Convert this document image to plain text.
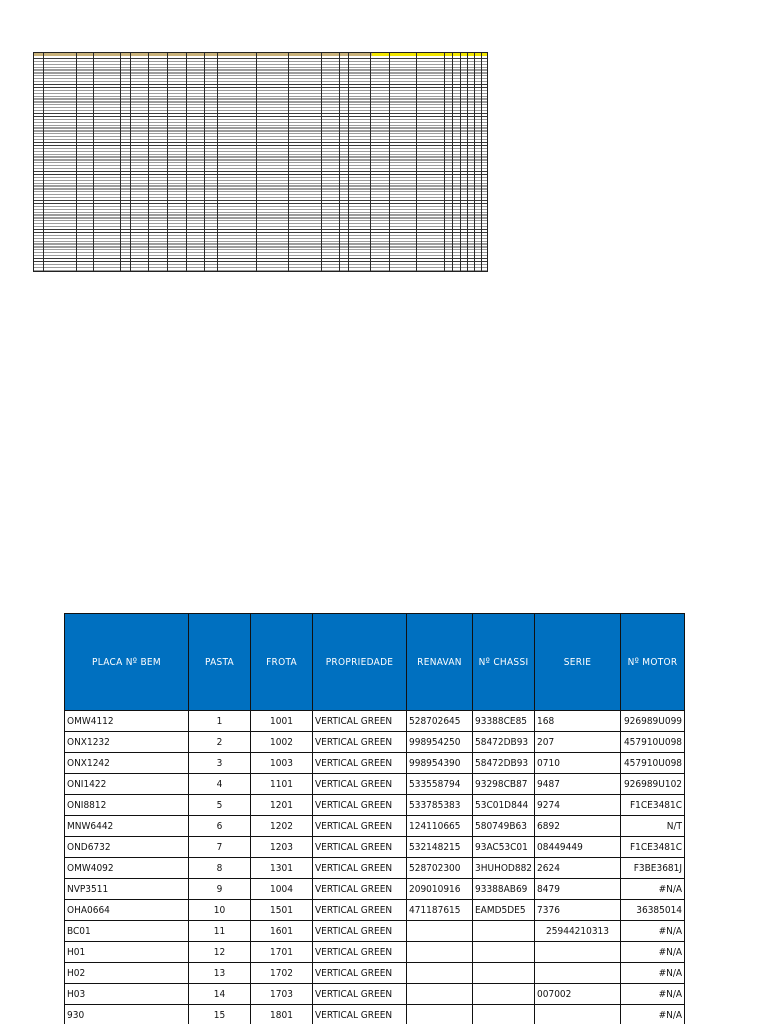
PLACA Nº BEM	PASTA	FROTA	PROPRIEDADE	RENAVAN	Nº CHASSI	SERIE	Nº MOTOR
OMW4112	1	1001	VERTICAL GREEN	528702645	93388CE85	168	926989U099
ONX1232	2	1002	VERTICAL GREEN	998954250	58472DB93	207	457910U098
ONX1242	3	1003	VERTICAL GREEN	998954390	58472DB93	0710	457910U098
ONI1422	4	1101	VERTICAL GREEN	533558794	93298CB87	9487	926989U102
ONI8812	5	1201	VERTICAL GREEN	533785383	53C01D844	9274	F1CE3481C
MNW6442	6	1202	VERTICAL GREEN	124110665	580749B63	6892	N/T
OND6732	7	1203	VERTICAL GREEN	532148215	93AC53C01	08449449	F1CE3481C
OMW4092	8	1301	VERTICAL GREEN	528702300	3HUHOD882	2624	F3BE3681J
NVP3511	9	1004	VERTICAL GREEN	209010916	93388AB69	8479	#N/A
OHA0664	10	1501	VERTICAL GREEN	471187615	EAMD5DE5	7376	36385014
BC01	11	1601	VERTICAL GREEN			25944210313	#N/A
H01	12	1701	VERTICAL GREEN				#N/A
H02	13	1702	VERTICAL GREEN				#N/A
H03	14	1703	VERTICAL GREEN			007002	#N/A
930	15	1801	VERTICAL GREEN				#N/A
